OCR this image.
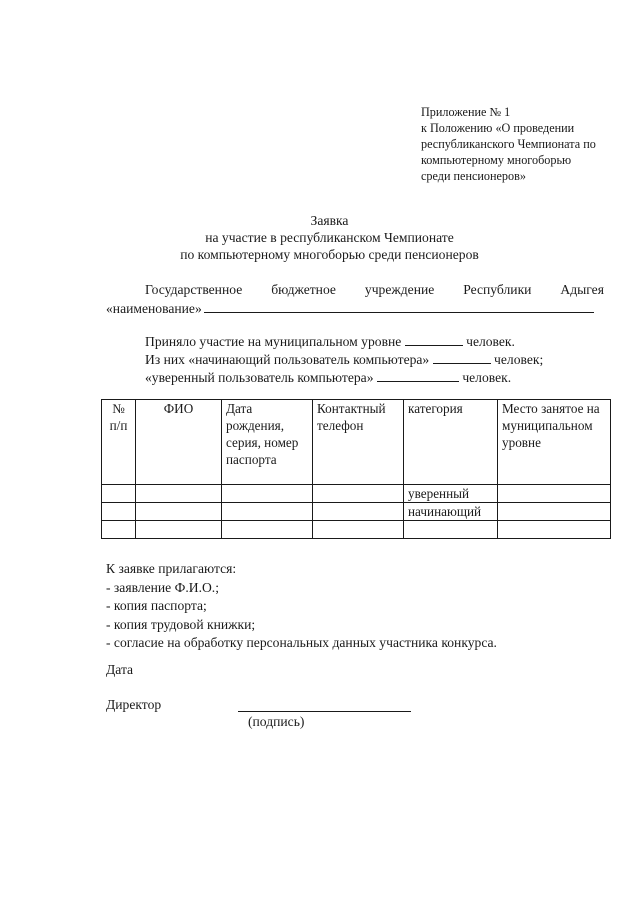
Приложение № 1
к Положению «О проведении
республиканского Чемпионата по
компьютерному многоборью
среди пенсионеров»
Заявка
на участие в республиканском Чемпионате
по компьютерному многоборью среди пенсионеров
Государственное бюджетное учреждение Республики Адыгея
«наименование»
Приняло участие на муниципальном уровне	человек.
Из них «начинающий пользователь компьютера»	человек;
«уверенный пользователь компьютера»	человек.
№ п/п	ФИО	Дата рождения, серия, номер паспорта	Контактный телефон	категория	Место занятое на муниципальном уровне
				уверенный	
				начинающий	

К заявке прилагаются:
- заявление Ф.И.О.;
- копия паспорта;
- копия трудовой книжки;
- согласие на обработку персональных данных участника конкурса.
Дата
Директор
(подпись)
